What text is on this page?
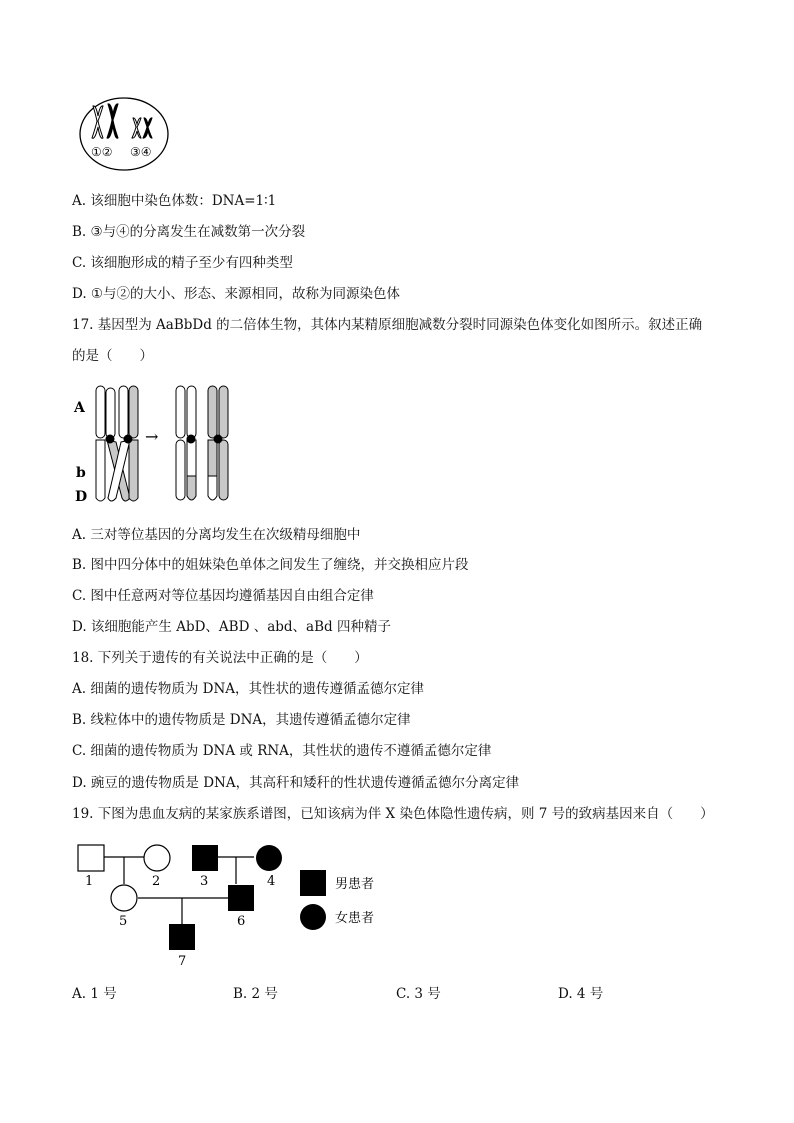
①② ③④
A. 该细胞中染色体数：DNA=1∶1
B. ③与④的分离发生在减数第一次分裂
C. 该细胞形成的精子至少有四种类型
D. ①与②的大小、形态、来源相同，故称为同源染色体
17. 基因型为 AaBbDd 的二倍体生物，其体内某精原细胞减数分裂时同源染色体变化如图所示。叙述正确
的是（　　）
A
b
D
→
A. 三对等位基因的分离均发生在次级精母细胞中
B. 图中四分体中的姐妹染色单体之间发生了缠绕，并交换相应片段
C. 图中任意两对等位基因均遵循基因自由组合定律
D. 该细胞能产生 AbD、ABD 、abd、aBd 四种精子
18. 下列关于遗传的有关说法中正确的是（　　）
A. 细菌的遗传物质为 DNA，其性状的遗传遵循孟德尔定律
B. 线粒体中的遗传物质是 DNA，其遗传遵循孟德尔定律
C. 细菌的遗传物质为 DNA 或 RNA，其性状的遗传不遵循孟德尔定律
D. 豌豆的遗传物质是 DNA，其高秆和矮秆的性状遗传遵循孟德尔分离定律
19. 下图为患血友病的某家族系谱图，已知该病为伴 X 染色体隐性遗传病，则 7 号的致病基因来自（　　）
1	2	3	4
5	6
7
男患者
女患者
A. 1 号	B. 2 号	C. 3 号	D. 4 号
